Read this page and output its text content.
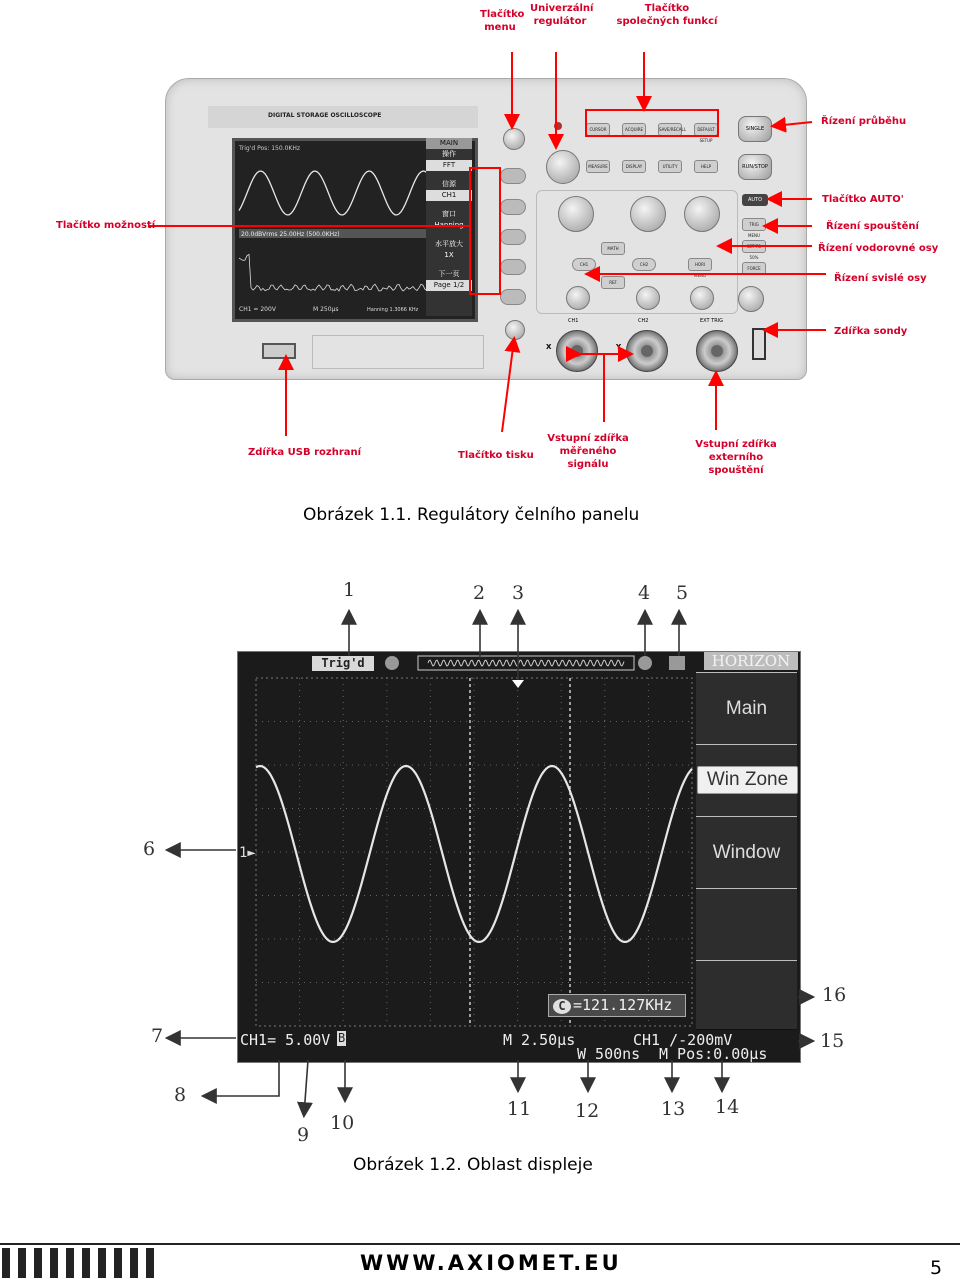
DIGITAL STORAGE OSCILLOSCOPE
Trig'd Pos: 150.0KHz
20.0dBVrms 25.00Hz (500.0KHz)
CH1 = 200V	M 250μs	Hanning 1.3066 KHz
MAIN
操作
FFT
信源
CH1
窗口
Hanning
水平放大
1X
下一页
Page 1/2
CURSOR	ACQUIRE	SAVE/RECALL	DEFAULT SETUP
SINGLE
MEASURE	DISPLAY	UTILITY	HELP	RUN/STOP
MATH
REF
CH1	CH2	HORI MENU
AUTO
TRIG MENU
SET TO 50%
FORCE
X	Y
CH1	CH2	EXT TRIG
Tlačítko menu
Univerzální regulátor
Tlačítko společných funkcí
Řízení průběhu
Tlačítko možností
Tlačítko AUTO'
Řízení spouštění
Řízení vodorovné osy
Řízení svislé osy
Zdířka sondy
Zdířka USB rozhraní	Tlačítko tisku
Vstupní zdířka měřeného signálu
Vstupní zdířka externího spouštění
Obrázek 1.1. Regulátory čelního panelu
1►
Trig'd	HORIZON
Main
Win Zone
Window
C =121.127KHz
CH1= 5.00V B	M 2.50μs	CH1 /-200mV
W 500ns M Pos:0.00μs
1	2 3	4 5
6
7
8
9
10
11 12	13 14
15
16
Obrázek 1.2. Oblast displeje
WWW.AXIOMET.EU	5
